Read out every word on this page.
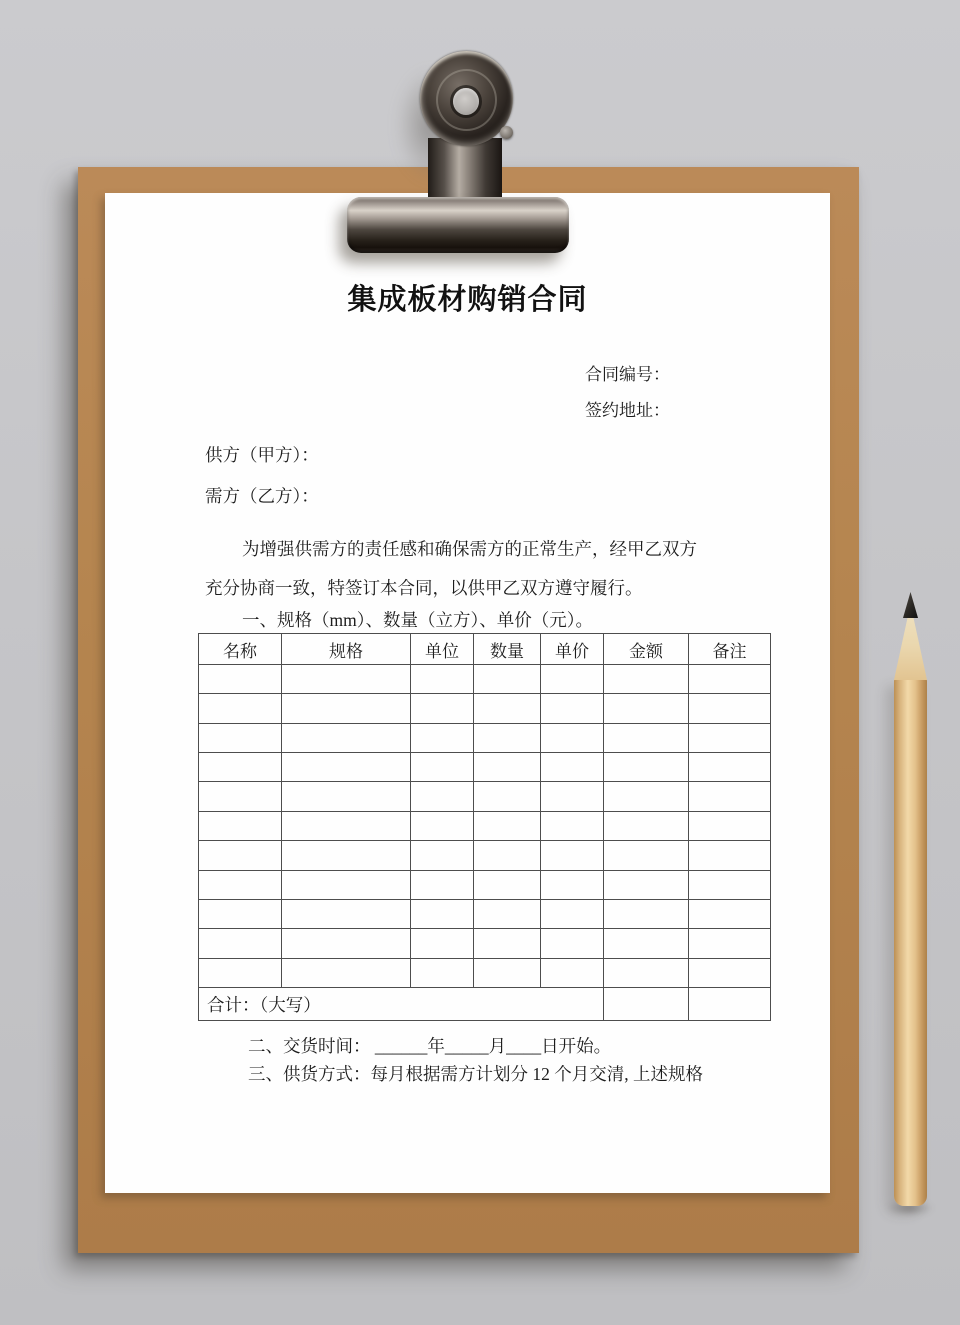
集成板材购销合同
合同编号：
签约地址：
供方（甲方）：
需方（乙方）：
为增强供需方的责任感和确保需方的正常生产，经甲乙双方
充分协商一致，特签订本合同，以供甲乙双方遵守履行。
一、规格（mm）、数量（立方）、单价（元）。
名称	规格	单位	数量	单价	金额	备注

合计：（大写）						
二、交货时间： ______年_____月____日开始。
三、供货方式：每月根据需方计划分 12 个月交清, 上述规格
